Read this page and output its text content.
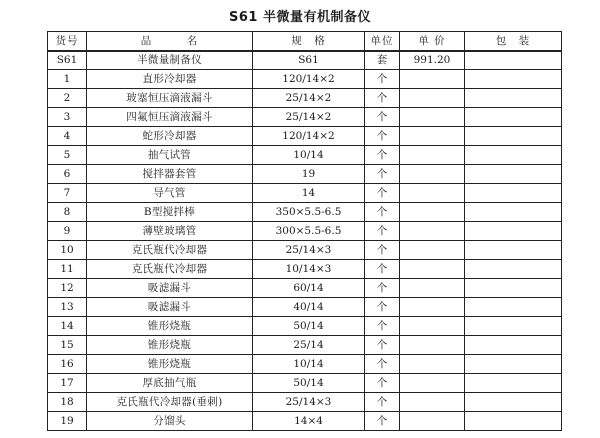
S61 半微量有机制备仪
货号	品　　　名	规　格	单位	单 价	包　装
S61	半微量制备仪	S61	套	991.20	
1	直形冷却器	120/14×2	个		
2	玻塞恒压滴液漏斗	25/14×2	个		
3	四氟恒压滴液漏斗	25/14×2	个		
4	蛇形冷却器	120/14×2	个		
5	抽气试管	10/14	个		
6	搅拌器套管	19	个		
7	导气管	14	个		
8	B型搅拌棒	350×5.5-6.5	个		
9	薄壁玻璃管	300×5.5-6.5	个		
10	克氏瓶代冷却器	25/14×3	个		
11	克氏瓶代冷却器	10/14×3	个		
12	吸滤漏斗	60/14	个		
13	吸滤漏斗	40/14	个		
14	锥形烧瓶	50/14	个		
15	锥形烧瓶	25/14	个		
16	锥形烧瓶	10/14	个		
17	厚底抽气瓶	50/14	个		
18	克氏瓶代冷却器(垂刺)	25/14×3	个		
19	分馏头	14×4	个		
